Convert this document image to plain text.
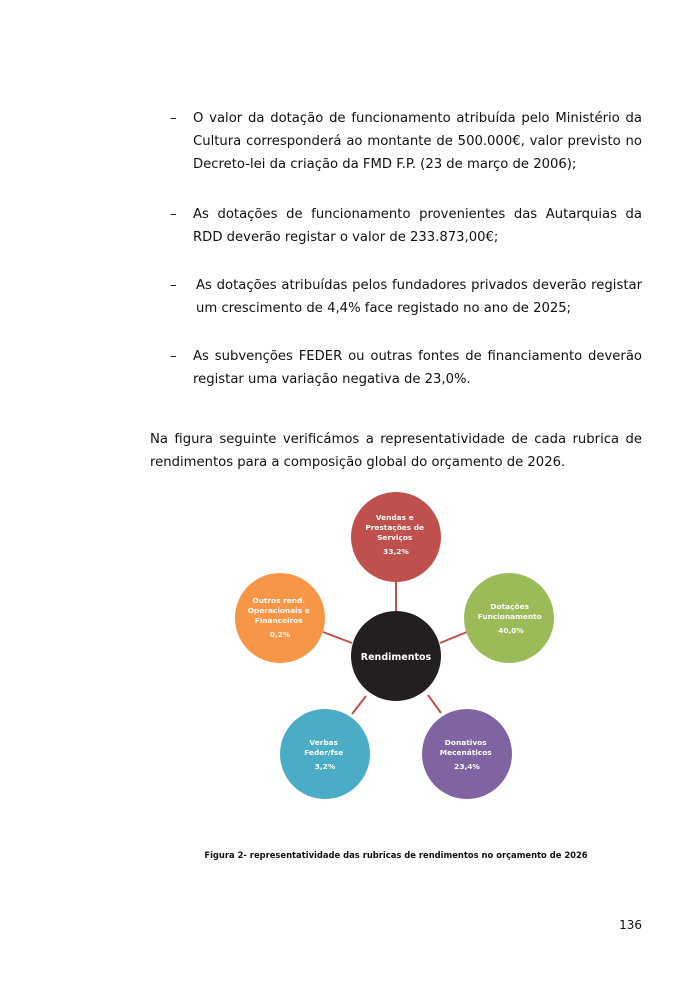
– O valor da dotação de funcionamento atribuída pelo Ministério da Cultura corresponderá ao montante de 500.000€, valor previsto no Decreto-lei da criação da FMD F.P. (23 de março de 2006);
– As dotações de funcionamento provenientes das Autarquias da RDD deverão registar o valor de 233.873,00€;
– As dotações atribuídas pelos fundadores privados deverão registar um crescimento de 4,4% face registado no ano de 2025;
– As subvenções FEDER ou outras fontes de financiamento deverão registar uma variação negativa de 23,0%.
Na figura seguinte verificámos a representatividade de cada rubrica de rendimentos para a composição global do orçamento de 2026.
Rendimentos
Vendas e Prestações de Serviços 33,2%
Dotações Funcionamento 40,0%
Donativos Mecenáticos 23,4%
Verbas Feder/fse 3,2%
Outros rend. Operacionais e Financeiros 0,2%
Figura 2- representatividade das rubricas de rendimentos no orçamento de 2026
136
